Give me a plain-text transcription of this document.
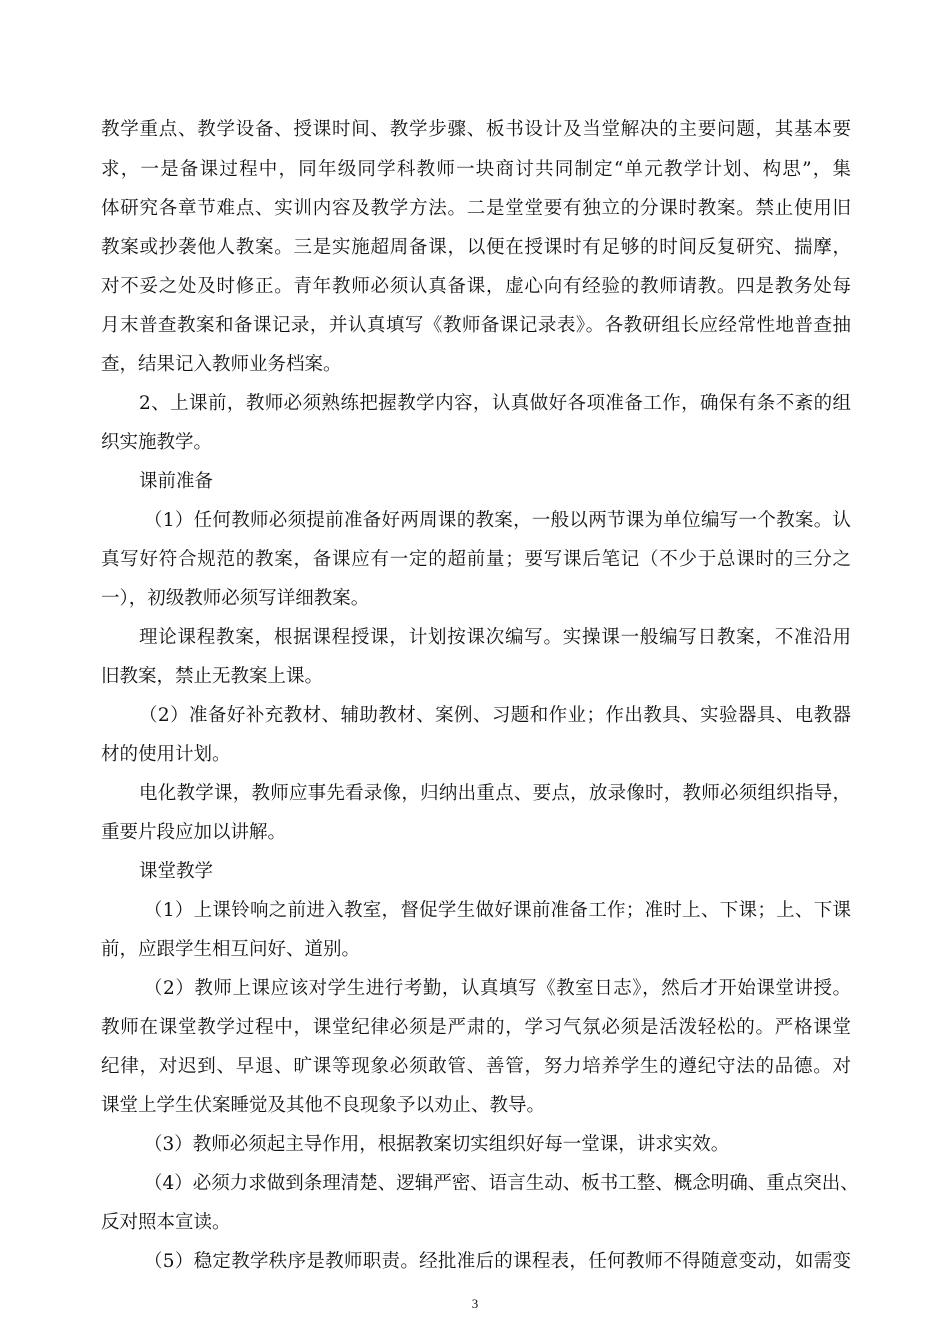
教学重点、教学设备、授课时间、教学步骤、板书设计及当堂解决的主要问题，其基本要
求，一是备课过程中，同年级同学科教师一块商讨共同制定“单元教学计划、构思”，集
体研究各章节难点、实训内容及教学方法。二是堂堂要有独立的分课时教案。禁止使用旧
教案或抄袭他人教案。三是实施超周备课，以便在授课时有足够的时间反复研究、揣摩，
对不妥之处及时修正。青年教师必须认真备课，虚心向有经验的教师请教。四是教务处每
月末普查教案和备课记录，并认真填写《教师备课记录表》。各教研组长应经常性地普查抽
查，结果记入教师业务档案。
2、上课前，教师必须熟练把握教学内容，认真做好各项准备工作，确保有条不紊的组
织实施教学。
课前准备
（1）任何教师必须提前准备好两周课的教案，一般以两节课为单位编写一个教案。认
真写好符合规范的教案，备课应有一定的超前量；要写课后笔记（不少于总课时的三分之
一），初级教师必须写详细教案。
理论课程教案，根据课程授课，计划按课次编写。实操课一般编写日教案，不准沿用
旧教案，禁止无教案上课。
（2）准备好补充教材、辅助教材、案例、习题和作业；作出教具、实验器具、电教器
材的使用计划。
电化教学课，教师应事先看录像，归纳出重点、要点，放录像时，教师必须组织指导，
重要片段应加以讲解。
课堂教学
（1）上课铃响之前进入教室，督促学生做好课前准备工作；准时上、下课；上、下课
前，应跟学生相互问好、道别。
（2）教师上课应该对学生进行考勤，认真填写《教室日志》，然后才开始课堂讲授。
教师在课堂教学过程中，课堂纪律必须是严肃的，学习气氛必须是活泼轻松的。严格课堂
纪律，对迟到、早退、旷课等现象必须敢管、善管，努力培养学生的遵纪守法的品德。对
课堂上学生伏案睡觉及其他不良现象予以劝止、教导。
（3）教师必须起主导作用，根据教案切实组织好每一堂课，讲求实效。
（4）必须力求做到条理清楚、逻辑严密、语言生动、板书工整、概念明确、重点突出、
反对照本宣读。
（5）稳定教学秩序是教师职责。经批准后的课程表，任何教师不得随意变动，如需变
3
